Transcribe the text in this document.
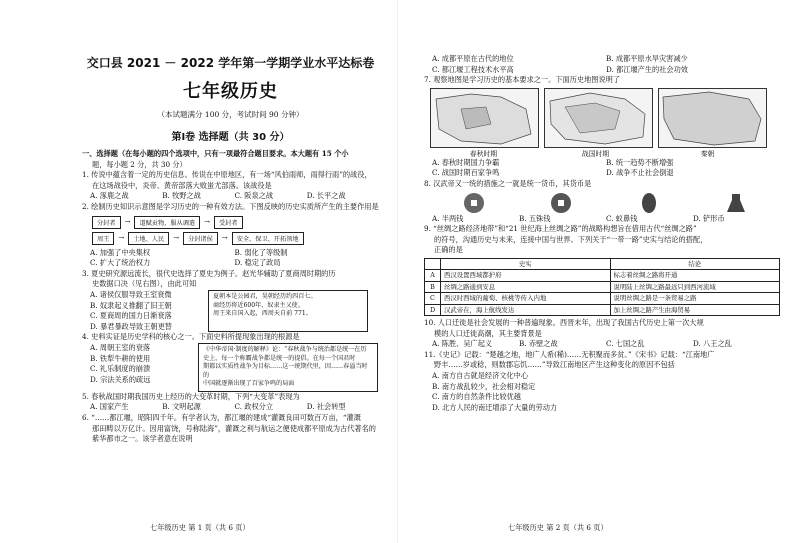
交口县 2021 － 2022 学年第一学期学业水平达标卷
七年级历史
（本试题满分 100 分，考试时间 90 分钟）
第Ⅰ卷 选择题（共 30 分）

一、选择题（在每小题的四个选项中，只有一项最符合题目要求。本大题有 15 个小

题，每小题 2 分，共 30 分）

1. 传说中蕴含着一定的历史信息。传说在中原地区，有一场“风伯雨师，雨得行雨”的战役，

在这场战役中，炎帝、黄帝部落大败蚩尤部落。该战役是

A. 涿鹿之战	B. 牧野之战	C. 阪泉之战	D. 长平之战

2. 绘制历史知识示意图是学习历史的一种有效方法。下图反映的历史实质所产生的主要作用是

分封者	→	道赋贡物，服从调遣	→	受封者
周王	→	土地、人民	→	分封诸侯	→	安全、保卫、开拓领地
A. 加强了中央集权	B. 弱化了等级制
C. 扩大了统治权力	D. 稳定了政局

3. 夏史研究源远流长，很代史选择了夏史为例子。赵光华辅助了夏商周时期的历

史数据口决（见右图），由此可知

A. 诸侯仅服导致王室衰微
B. 奴隶起义推翻了旧王朝
C. 夏商周的国力日渐衰落
D. 暴君暴政导致王朝更替
夏朝本是公园君，昊朝经历约四百七。
商经历将近600年，奴隶主又使。
周王来自国入起，西周天自前 771。

4. 史料实证是历史学科的核心之一。下面史料所提现象出现的根源是

A. 周朝王室的衰落
B. 铁犁牛耕的使用
C. 礼乐制度的崩溃
D. 宗法关系的疏远
《中华帝国·制度的解释》论：“春秋战争与统治都是统一在历
史上，每一个称霸战争都是统一的提倡。在每一个国君时
期都以实质性战争为目标……这一统期代里，因……春溢当时的
中国就逐渐出现了百家争鸣的局面

5. 春秋战国时期我国历史上经历的大变革时期，下列“大变革”表现为

A. 国家产生	B. 文明起源	C. 政权分立	D. 社会转型

6. “……都江堰，昭阳四千年。有学者认为，都江堰的建成“灌溉良田可数百万亩，“灌溉

那田畴以万亿计。因用富饶，号称陆海”，灌溉之利与航运之便使成都平原成为古代著名的

紫华都市之一。该学者意在说明

七年级历史 第 1 页（共 6 页）
A. 成都平原在古代的地位	B. 成都平原水旱灾害减少
C. 都江堰工程技术水平高	D. 都江堰产生的社会功效

7. 观察地图是学习历史的基本要求之一。下面历史地图说明了

春秋时期	战国时期	秦朝
A. 春秋时期国力争霸	B. 统一趋势不断增强
C. 战国时期百家争鸣	D. 战争不止社会倒退

8. 汉武帝又一统的措施之一就是统一货币，其货币是

A. 半两钱	B. 五铢钱	C. 蚁鼻钱	D. 铲形币

9. “丝绸之路经济地带”和“21 世纪海上丝绸之路”的战略构想旨在借用古代“丝绸之路”

的符号，沟通历史与未来，连接中国与世界。下列关于“一带一路”史实与结论的搭配，

正确的是

	史实	结论
A	西汉设置西域都护府	标志着丝绸之路将开通
B	丝绸之路通到安息	说明陆上丝绸之路最远只到西河流域
C	西汉时西域的葡萄、核桃等传入内地	说明丝绸之路是一条贸易之路
D	汉武帝在，海上航线发达	加上丝绸之路产生由海贸易

10. 人口迁徙是社会发展的一种普遍现象。西晋末年，出现了我国古代历史上第一次大规

模的人口迁徙高潮，其主要背景是

A. 陈胜、吴广起义	B. 赤壁之战	C. 七国之乱	D. 八王之乱

11.《史记》记载：“楚越之地，地广人希(稀)……无积聚而多贫。”《宋书》记载：“江南地广

野丰……岁或稔，则数郡忘饥……”导致江南地区产生这种变化的原因不包括

A. 南方自古就是经济文化中心
B. 南方战乱较少，社会相对稳定
C. 南方的自然条件比较优越
D. 北方人民的南迁增添了大量的劳动力
七年级历史 第 2 页（共 6 页）
